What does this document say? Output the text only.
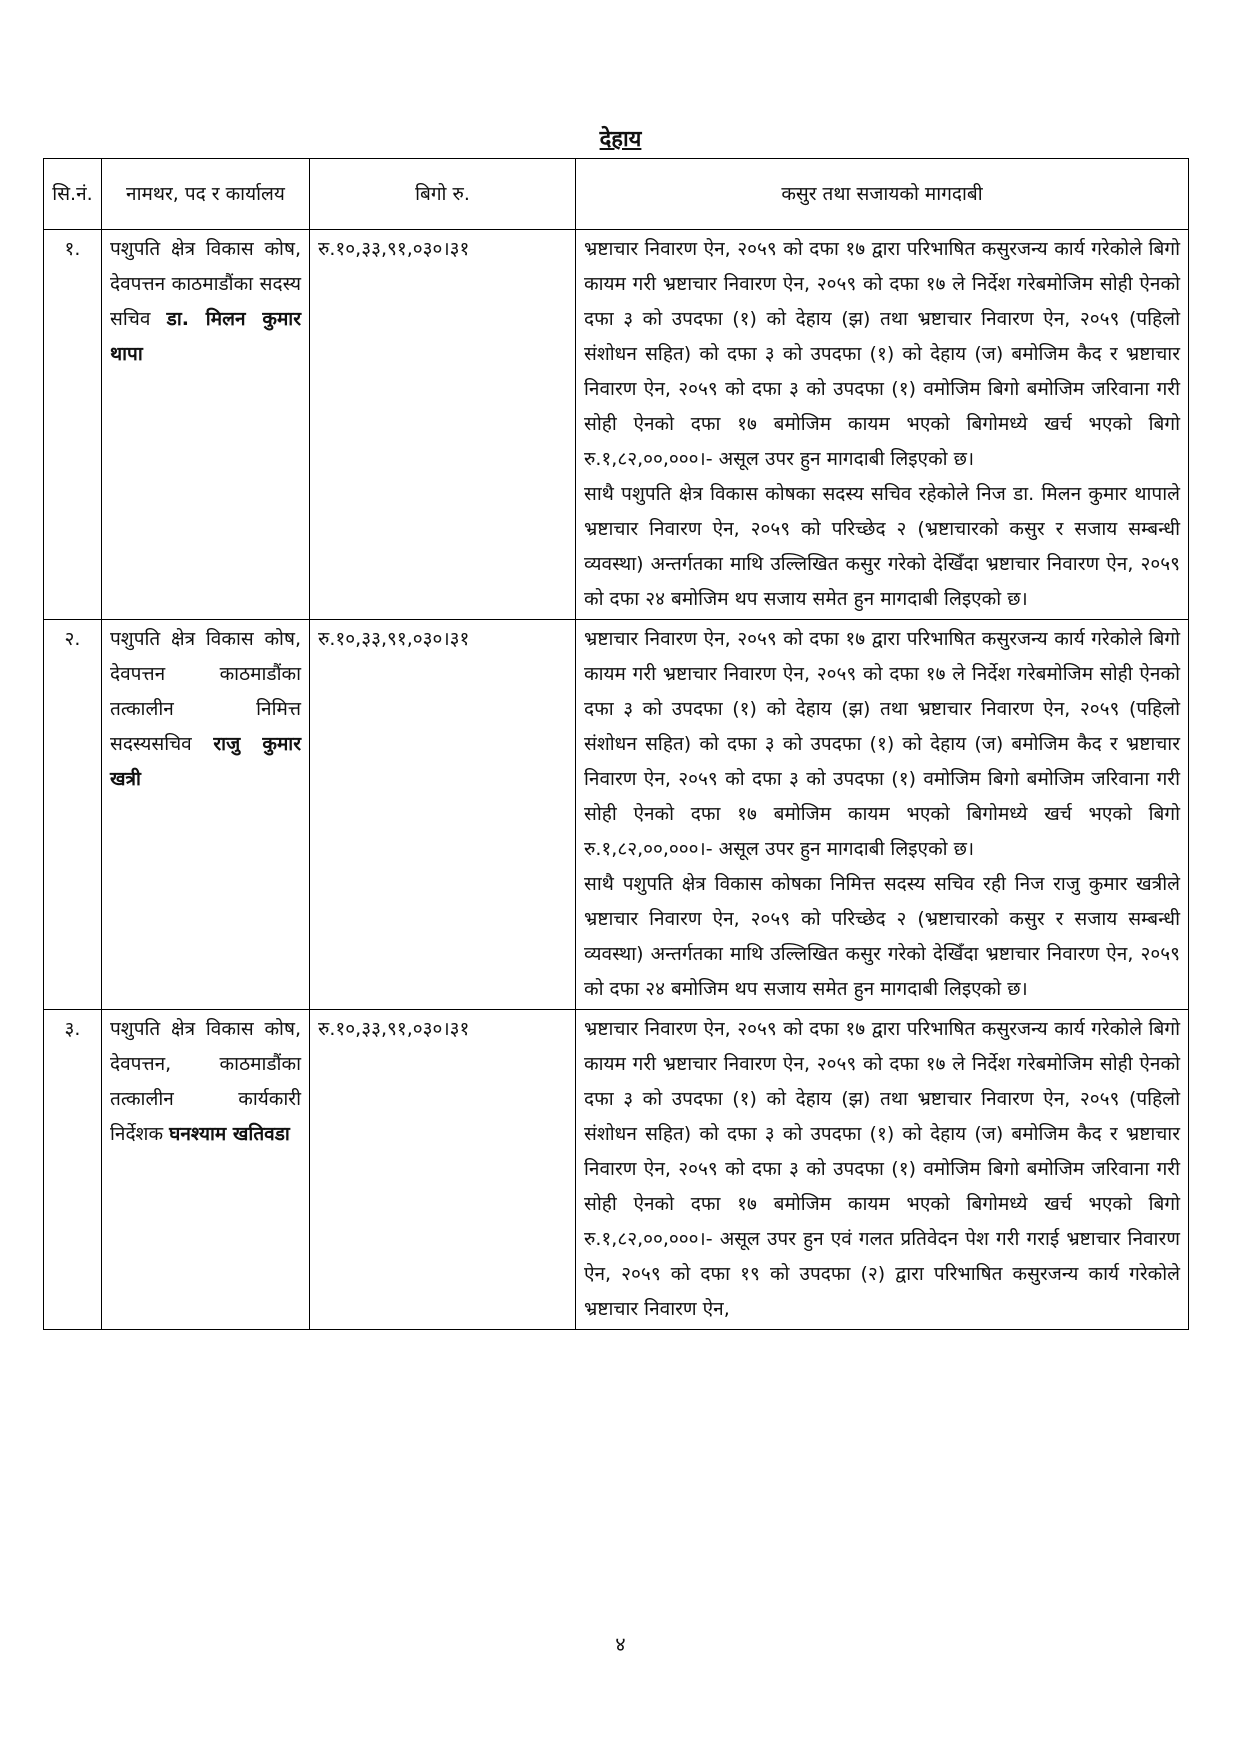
देहाय
सि.नं.	नामथर, पद र कार्यालय	बिगो रु.	कसुर तथा सजायको मागदाबी
१.	पशुपति क्षेत्र विकास कोष, देवपत्तन काठमाडौंका सदस्य सचिव डा. मिलन कुमार थापा	रु.१०,३३,९१,०३०।३१	भ्रष्टाचार निवारण ऐन, २०५९ को दफा १७ द्वारा परिभाषित कसुरजन्य कार्य गरेकोले बिगो कायम गरी भ्रष्टाचार निवारण ऐन, २०५९ को दफा १७ ले निर्देश गरेबमोजिम सोही ऐनको दफा ३ को उपदफा (१) को देहाय (झ) तथा भ्रष्टाचार निवारण ऐन, २०५९ (पहिलो संशोधन सहित) को दफा ३ को उपदफा (१) को देहाय (ज) बमोजिम कैद र भ्रष्टाचार निवारण ऐन, २०५९ को दफा ३ को उपदफा (१) वमोजिम बिगो बमोजिम जरिवाना गरी सोही ऐनको दफा १७ बमोजिम कायम भएको बिगोमध्ये खर्च भएको बिगो रु.१,८२,००,०००।- असूल उपर हुन मागदाबी लिइएको छ।

साथै पशुपति क्षेत्र विकास कोषका सदस्य सचिव रहेकोले निज डा. मिलन कुमार थापाले भ्रष्टाचार निवारण ऐन, २०५९ को परिच्छेद २ (भ्रष्टाचारको कसुर र सजाय सम्बन्धी व्यवस्था) अन्तर्गतका माथि उल्लिखित कसुर गरेको देखिँदा भ्रष्टाचार निवारण ऐन, २०५९ को दफा २४ बमोजिम थप सजाय समेत हुन मागदाबी लिइएको छ।

२.	पशुपति क्षेत्र विकास कोष, देवपत्तन काठमाडौंका तत्कालीन निमित्त सदस्यसचिव राजु कुमार खत्री	रु.१०,३३,९१,०३०।३१	भ्रष्टाचार निवारण ऐन, २०५९ को दफा १७ द्वारा परिभाषित कसुरजन्य कार्य गरेकोले बिगो कायम गरी भ्रष्टाचार निवारण ऐन, २०५९ को दफा १७ ले निर्देश गरेबमोजिम सोही ऐनको दफा ३ को उपदफा (१) को देहाय (झ) तथा भ्रष्टाचार निवारण ऐन, २०५९ (पहिलो संशोधन सहित) को दफा ३ को उपदफा (१) को देहाय (ज) बमोजिम कैद र भ्रष्टाचार निवारण ऐन, २०५९ को दफा ३ को उपदफा (१) वमोजिम बिगो बमोजिम जरिवाना गरी सोही ऐनको दफा १७ बमोजिम कायम भएको बिगोमध्ये खर्च भएको बिगो रु.१,८२,००,०००।- असूल उपर हुन मागदाबी लिइएको छ।

साथै पशुपति क्षेत्र विकास कोषका निमित्त सदस्य सचिव रही निज राजु कुमार खत्रीले भ्रष्टाचार निवारण ऐन, २०५९ को परिच्छेद २ (भ्रष्टाचारको कसुर र सजाय सम्बन्धी व्यवस्था) अन्तर्गतका माथि उल्लिखित कसुर गरेको देखिँदा भ्रष्टाचार निवारण ऐन, २०५९ को दफा २४ बमोजिम थप सजाय समेत हुन मागदाबी लिइएको छ।

३.	पशुपति क्षेत्र विकास कोष, देवपत्तन, काठमाडौंका तत्कालीन कार्यकारी निर्देशक घनश्याम खतिवडा	रु.१०,३३,९१,०३०।३१	भ्रष्टाचार निवारण ऐन, २०५९ को दफा १७ द्वारा परिभाषित कसुरजन्य कार्य गरेकोले बिगो कायम गरी भ्रष्टाचार निवारण ऐन, २०५९ को दफा १७ ले निर्देश गरेबमोजिम सोही ऐनको दफा ३ को उपदफा (१) को देहाय (झ) तथा भ्रष्टाचार निवारण ऐन, २०५९ (पहिलो संशोधन सहित) को दफा ३ को उपदफा (१) को देहाय (ज) बमोजिम कैद र भ्रष्टाचार निवारण ऐन, २०५९ को दफा ३ को उपदफा (१) वमोजिम बिगो बमोजिम जरिवाना गरी सोही ऐनको दफा १७ बमोजिम कायम भएको बिगोमध्ये खर्च भएको बिगो रु.१,८२,००,०००।- असूल उपर हुन एवं गलत प्रतिवेदन पेश गरी गराई भ्रष्टाचार निवारण ऐन, २०५९ को दफा १९ को उपदफा (२) द्वारा परिभाषित कसुरजन्य कार्य गरेकोले भ्रष्टाचार निवारण ऐन,

४
